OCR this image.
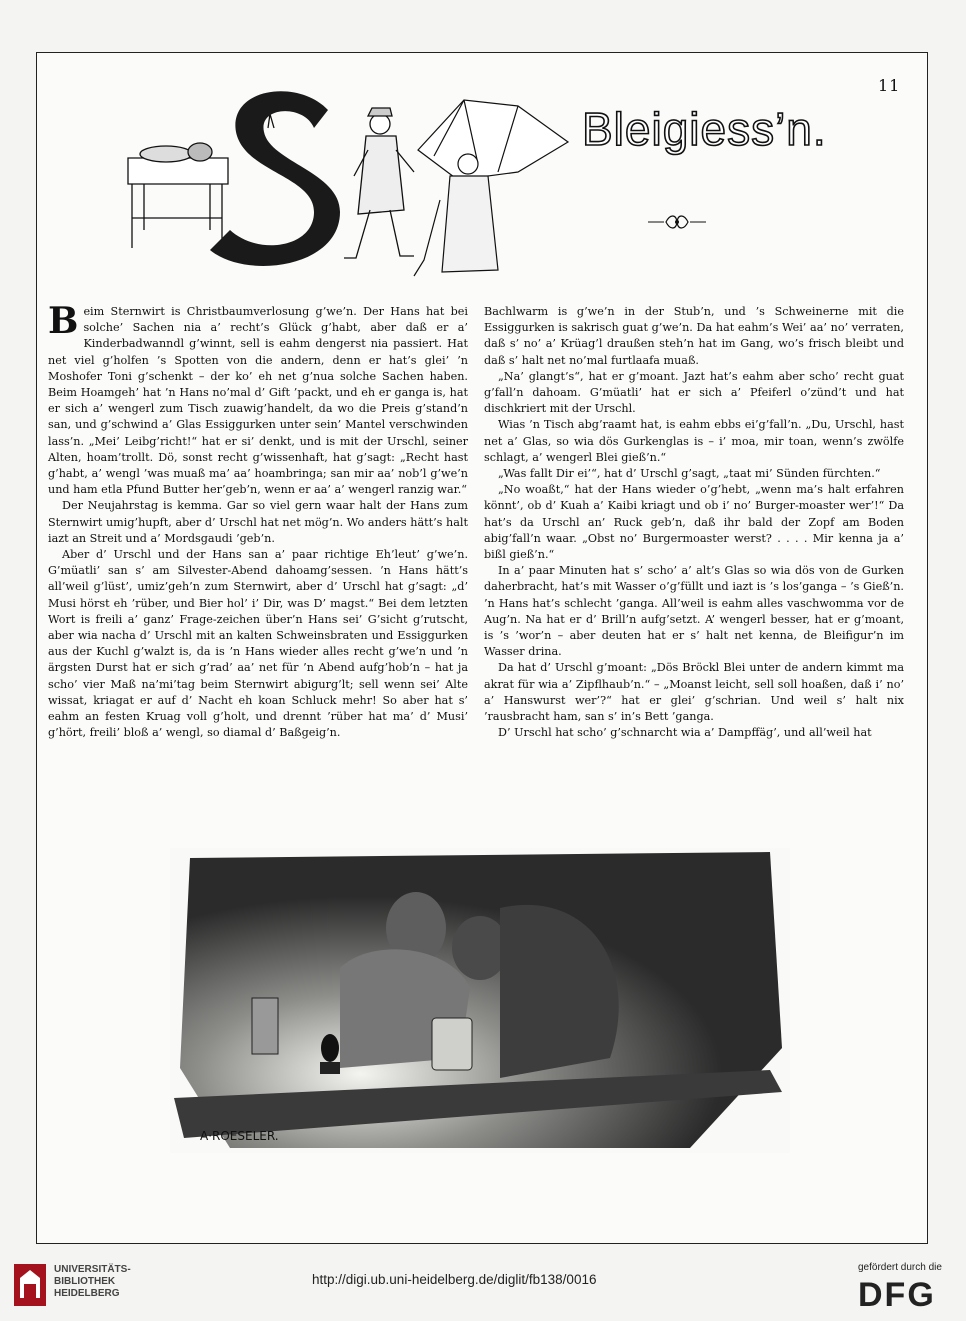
11
Bleigiess’n.

Beim Sternwirt is Christbaumverlosung g’we’n. Der Hans hat bei solche’ Sachen nia a’ recht’s Glück g’habt, aber daß er a’ Kinderbadwanndl g’winnt, sell is eahm dengerst nia passiert. Hat net viel g’holfen ’s Spotten von die andern, denn er hat’s glei’ ’n Moshofer Toni g’schenkt – der ko’ eh net g’nua solche Sachen haben. Beim Hoamgeh’ hat ’n Hans no’mal d’ Gift ’packt, und eh er ganga is, hat er sich a’ wengerl zum Tisch zuawig’handelt, da wo die Preis g’stand’n san, und g’schwind a’ Glas Essiggurken unter sein’ Mantel verschwinden lass’n. „Mei’ Leibg’richt!“ hat er si’ denkt, und is mit der Urschl, seiner Alten, hoam’trollt. Dö, sonst recht g’wissenhaft, hat g’sagt: „Recht hast g’habt, a’ wengl ’was muaß ma’ aa’ hoambringa; san mir aa’ nob’l g’we’n und ham etla Pfund Butter her’geb’n, wenn er aa’ a’ wengerl ranzig war.“

Der Neujahrstag is kemma. Gar so viel gern waar halt der Hans zum Sternwirt umig’hupft, aber d’ Urschl hat net mög’n. Wo anders hätt’s halt iazt an Streit und a’ Mordsgaudi ’geb’n.

Aber d’ Urschl und der Hans san a’ paar richtige Eh’leut’ g’we’n. G’müatli’ san s’ am Silvester-Abend dahoamg’sessen. ’n Hans hätt’s all’weil g’lüst’, umiz’geh’n zum Sternwirt, aber d’ Urschl hat g’sagt: „d’ Musi hörst eh ’rüber, und Bier hol’ i’ Dir, was D’ magst.“ Bei dem letzten Wort is freili a’ ganz’ Frage-zeichen über’n Hans sei’ G’sicht g’rutscht, aber wia nacha d’ Urschl mit an kalten Schweinsbraten und Essiggurken aus der Kuchl g’walzt is, da is ’n Hans wieder alles recht g’we’n und ’n ärgsten Durst hat er sich g’rad’ aa’ net für ’n Abend aufg’hob’n – hat ja scho’ vier Maß na’mi’tag beim Sternwirt abigurg’lt; sell wenn sei’ Alte wissat, kriagat er auf d’ Nacht eh koan Schluck mehr! So aber hat s’ eahm an festen Kruag voll g’holt, und drennt ’rüber hat ma’ d’ Musi’ g’hört, freili’ bloß a’ wengl, so diamal d’ Baßgeig’n.

Bachlwarm is g’we’n in der Stub’n, und ’s Schweinerne mit die Essiggurken is sakrisch guat g’we’n. Da hat eahm’s Wei’ aa’ no’ verraten, daß s’ no’ a’ Krüag’l draußen steh’n hat im Gang, wo’s frisch bleibt und daß s’ halt net no’mal furtlaafa muaß.

„Na’ glangt’s“, hat er g’moant. Jazt hat’s eahm aber scho’ recht guat g’fall’n dahoam. G’müatli’ hat er sich a’ Pfeiferl o’zünd’t und hat dischkriert mit der Urschl.

Wias ’n Tisch abg’raamt hat, is eahm ebbs ei’g’fall’n. „Du, Urschl, hast net a’ Glas, so wia dös Gurkenglas is – i’ moa, mir toan, wenn’s zwölfe schlagt, a’ wengerl Blei gieß’n.“

„Was fallt Dir ei’“, hat d’ Urschl g’sagt, „taat mi’ Sünden fürchten.“

„No woaßt,“ hat der Hans wieder o’g’hebt, „wenn ma’s halt erfahren könnt’, ob d’ Kuah a’ Kaibi kriagt und ob i’ no’ Burger-moaster wer’!“ Da hat’s da Urschl an’ Ruck geb’n, daß ihr bald der Zopf am Boden abig’fall’n waar. „Obst no’ Burgermoaster werst? . . . . Mir kenna ja a’ bißl gieß’n.“

In a’ paar Minuten hat s’ scho’ a’ alt’s Glas so wia dös von de Gurken daherbracht, hat’s mit Wasser o’g’füllt und iazt is ’s los’ganga – ’s Gieß’n. ’n Hans hat’s schlecht ’ganga. All’weil is eahm alles vaschwomma vor de Aug’n. Na hat er d’ Brill’n aufg’setzt. A’ wengerl besser, hat er g’moant, is ’s ’wor’n – aber deuten hat er s’ halt net kenna, de Bleifigur’n im Wasser drina.

Da hat d’ Urschl g’moant: „Dös Bröckl Blei unter de andern kimmt ma akrat für wia a’ Zipflhaub’n.“ – „Moanst leicht, sell soll hoaßen, daß i’ no’ a’ Hanswurst wer’?“ hat er glei’ g’schrian. Und weil s’ halt nix ’rausbracht ham, san s’ in’s Bett ’ganga.

D’ Urschl hat scho’ g’schnarcht wia a’ Dampffäg’, und all’weil hat

A·ROESELER.
UNIVERSITÄTS-
BIBLIOTHEK
HEIDELBERG
http://digi.ub.uni-heidelberg.de/diglit/fb138/0016
gefördert durch die
DFG
